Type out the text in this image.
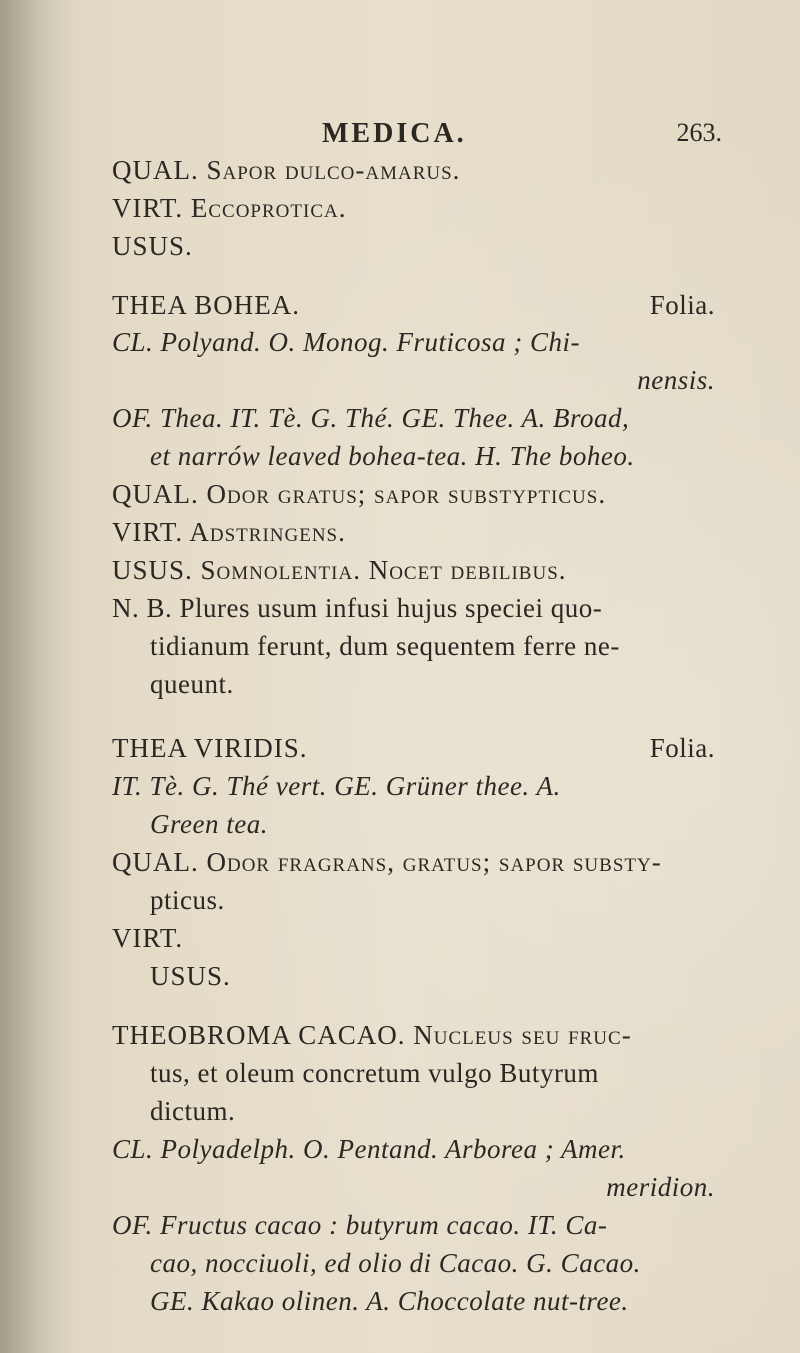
MEDICA.	263.
QUAL. Sapor dulco-amarus.
VIRT. Eccoprotica.
USUS.
THEA BOHEA.	Folia.
CL. Polyand. O. Monog. Fruticosa ; Chi-
nensis.
OF. Thea. IT. Tè. G. Thé. GE. Thee. A. Broad,
et narrów leaved bohea-tea. H. The boheo.
QUAL. Odor gratus; sapor substypticus.
VIRT. Adstringens.
USUS. Somnolentia. Nocet debilibus.
N. B. Plures usum infusi hujus speciei quo-
tidianum ferunt, dum sequentem ferre ne-
queunt.
THEA VIRIDIS.	Folia.
IT. Tè. G. Thé vert. GE. Grüner thee. A.
Green tea.
QUAL. Odor fragrans, gratus; sapor substy-
pticus.
VIRT.
USUS.
THEOBROMA CACAO. Nucleus seu fruc-
tus, et oleum concretum vulgo Butyrum
dictum.
CL. Polyadelph. O. Pentand. Arborea ; Amer.
meridion.
OF. Fructus cacao : butyrum cacao. IT. Ca-
cao, nocciuoli, ed olio di Cacao. G. Cacao.
GE. Kakao olinen. A. Choccolate nut-tree.
